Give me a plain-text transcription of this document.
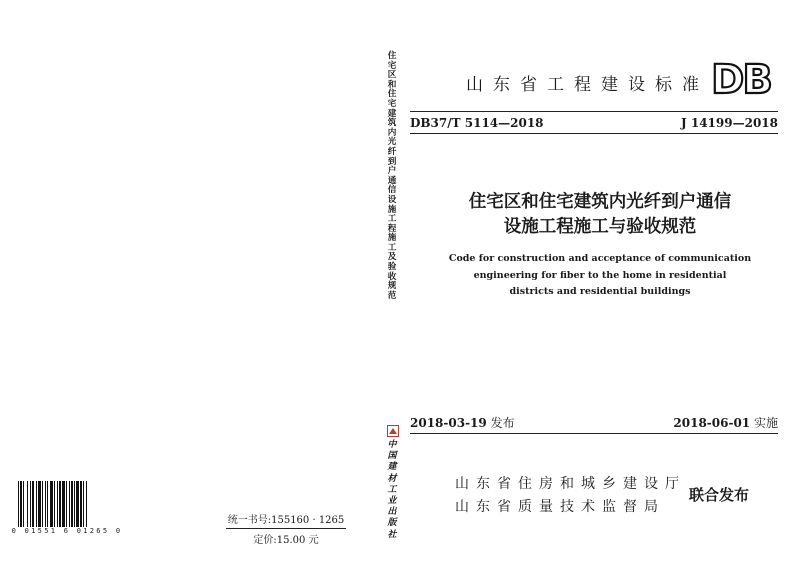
0 01551 6 01265 0
统一书号:155160 · 1265
定价:15.00 元
住
宅
区
和
住
宅
建
筑
内
光
纤
到
户
通
信
设
施
工
程
施
工
及
验
收
规
范
中
国
建
材
工
业
出
版
社
山东省工程建设标准 DB
DB37/T 5114—2018	J 14199—2018
住宅区和住宅建筑内光纤到户通信
设施工程施工与验收规范
Code for construction and acceptance of communication
engineering for fiber to the home in residential
districts and residential buildings
2018-03-19 发布	2018-06-01 实施
山东省住房和城乡建设厅
山东省质量技术监督局
联合发布
